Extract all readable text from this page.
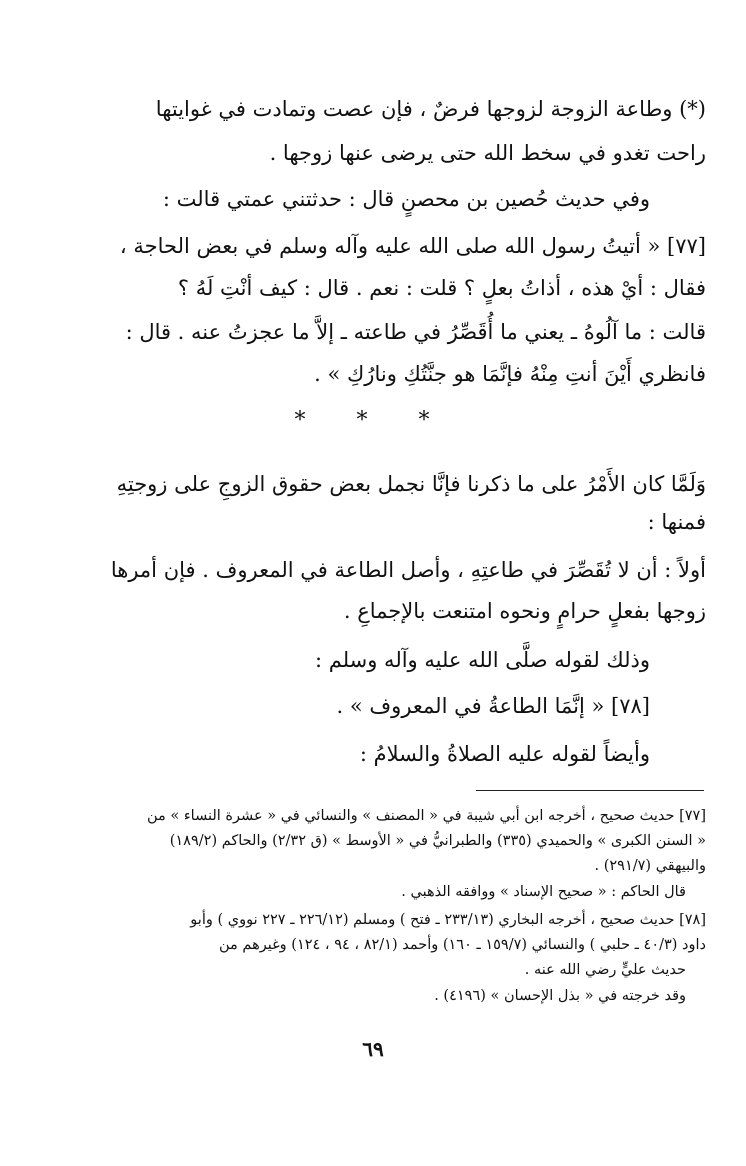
(*) وطاعة الزوجة لزوجها فرضٌ ، فإن عصت وتمادت في غوايتها
راحت تغدو في سخط الله حتى يرضى عنها زوجها .
وفي حديث حُصين بن محصنٍ قال : حدثتني عمتي قالت :
[٧٧] « أتيتُ رسول الله صلى الله عليه وآله وسلم في بعض الحاجة ،
فقال : أيْ هذه ، أذاتُ بعلٍ ؟ قلت : نعم . قال : كيف أنْتِ لَهُ ؟
قالت : ما آلُوهُ ـ يعني ما أُقَصِّرُ في طاعته ـ إلاَّ ما عجزتُ عنه . قال :
فانظري أَيْنَ أنتِ مِنْهُ فإنَّمَا هو جنَّتُكِ ونارُكِ » .
* * *
وَلَمَّا كان الأَمْرُ على ما ذكرنا فإنَّا نجمل بعض حقوق الزوجِ على زوجتِهِ
فمنها :
أولاً : أن لا تُقَصِّرَ في طاعتِهِ ، وأصل الطاعة في المعروف . فإن أمرها
زوجها بفعلٍ حرامٍ ونحوه امتنعت بالإجماعِ .
وذلك لقوله صلَّى الله عليه وآله وسلم :
[٧٨] « إنَّمَا الطاعةُ في المعروف » .
وأيضاً لقوله عليه الصلاةُ والسلامُ :
[٧٧] حديث صحيح ، أخرجه ابن أبي شيبة في « المصنف » والنسائي في « عشرة النساء » من
« السنن الكبرى » والحميدي (٣٣٥) والطبرانيُّ في « الأوسط » (ق ٢/٣٢) والحاكم (١٨٩/٢)
والبيهقي (٢٩١/٧) .
قال الحاكم : « صحيح الإسناد » ووافقه الذهبي .
[٧٨] حديث صحيح ، أخرجه البخاري (٢٣٣/١٣ ـ فتح ) ومسلم (٢٢٦/١٢ ـ ٢٢٧ نووي ) وأبو
داود (٤٠/٣ ـ حلبي ) والنسائي (١٥٩/٧ ـ ١٦٠) وأحمد (٨٢/١ ، ٩٤ ، ١٢٤) وغيرهم من
حديث عليٍّ رضي الله عنه .
وقد خرجته في « بذل الإحسان » (٤١٩٦) .
٦٩
